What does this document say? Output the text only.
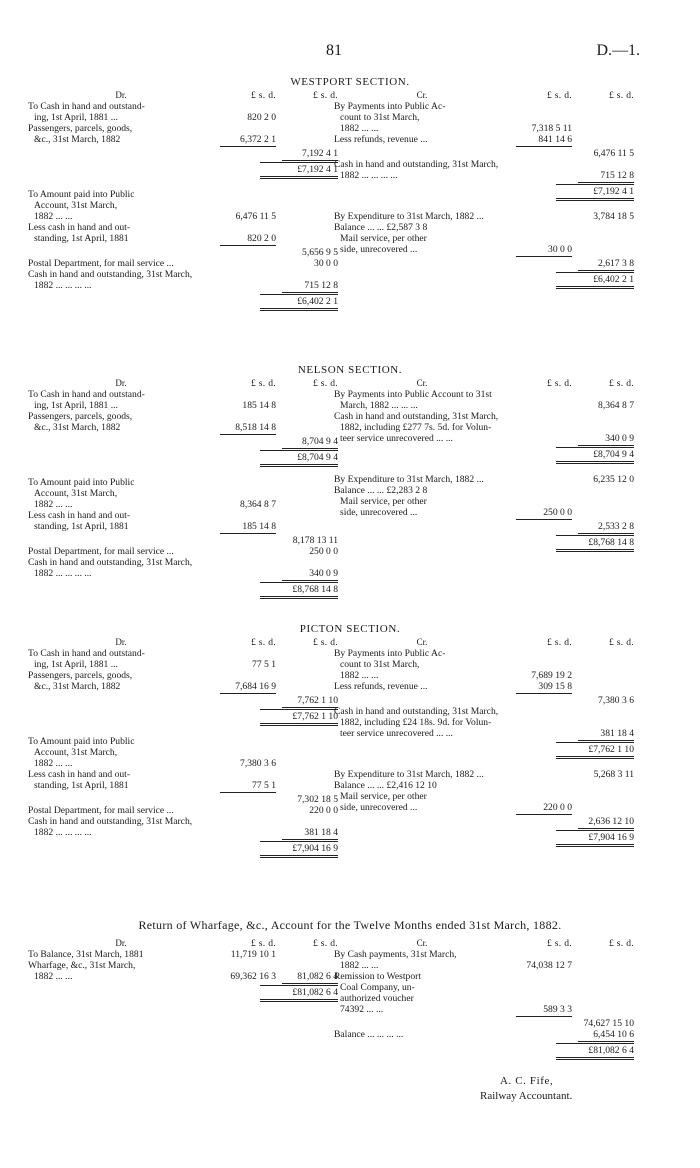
81	D.—1.
WESTPORT SECTION.
Dr.	£ s. d.	£ s. d.
To Cash in hand and outstand-
ing, 1st April, 1881 ...	820 2 0
Passengers, parcels, goods,
&c., 31st March, 1882	6,372 2 1
7,192 4 1
£7,192 4 1
To Amount paid into Public
Account, 31st March,
1882 ... ...	6,476 11 5
Less cash in hand and out-
standing, 1st April, 1881	820 2 0
5,656 9 5
Postal Department, for mail service ...	30 0 0
Cash in hand and outstanding, 31st March,
1882 ... ... ... ...	715 12 8
£6,402 2 1
Cr.	£ s. d.	£ s. d.
By Payments into Public Ac-
count to 31st March,
1882 ... ...	7,318 5 11
Less refunds, revenue ...	841 14 6
6,476 11 5
Cash in hand and outstanding, 31st March,
1882 ... ... ... ...	715 12 8
£7,192 4 1
By Expenditure to 31st March, 1882 ...	3,784 18 5
Balance ... ... £2,587 3 8
Mail service, per other
side, unrecovered ...	30 0 0
2,617 3 8
£6,402 2 1
NELSON SECTION.
Dr.	£ s. d.	£ s. d.
To Cash in hand and outstand-
ing, 1st April, 1881 ...	185 14 8
Passengers, parcels, goods,
&c., 31st March, 1882	8,518 14 8
8,704 9 4
£8,704 9 4
To Amount paid into Public
Account, 31st March,
1882 ... ...	8,364 8 7
Less cash in hand and out-
standing, 1st April, 1881	185 14 8
8,178 13 11
Postal Department, for mail service ...	250 0 0
Cash in hand and outstanding, 31st March,
1882 ... ... ... ...	340 0 9
£8,768 14 8
Cr.	£ s. d.	£ s. d.
By Payments into Public Account to 31st
March, 1882 ... ... ...	8,364 8 7
Cash in hand and outstanding, 31st March,
1882, including £277 7s. 5d. for Volun-
teer service unrecovered ... ...	340 0 9
£8,704 9 4
By Expenditure to 31st March, 1882 ...	6,235 12 0
Balance ... ... £2,283 2 8
Mail service, per other
side, unrecovered ...	250 0 0
2,533 2 8
£8,768 14 8
PICTON SECTION.
Dr.	£ s. d.	£ s. d.
To Cash in hand and outstand-
ing, 1st April, 1881 ...	77 5 1
Passengers, parcels, goods,
&c., 31st March, 1882	7,684 16 9
7,762 1 10
£7,762 1 10
To Amount paid into Public
Account, 31st March,
1882 ... ...	7,380 3 6
Less cash in hand and out-
standing, 1st April, 1881	77 5 1
7,302 18 5
Postal Department, for mail service ...	220 0 0
Cash in hand and outstanding, 31st March,
1882 ... ... ... ...	381 18 4
£7,904 16 9
Cr.	£ s. d.	£ s. d.
By Payments into Public Ac-
count to 31st March,
1882 ... ...	7,689 19 2
Less refunds, revenue ...	309 15 8
7,380 3 6
Cash in hand and outstanding, 31st March,
1882, including £24 18s. 9d. for Volun-
teer service unrecovered ... ...	381 18 4
£7,762 1 10
By Expenditure to 31st March, 1882 ...	5,268 3 11
Balance ... ... £2,416 12 10
Mail service, per other
side, unrecovered ...	220 0 0
2,636 12 10
£7,904 16 9
Return of Wharfage, &c., Account for the Twelve Months ended 31st March, 1882.
Dr.	£ s. d.	£ s. d.
To Balance, 31st March, 1881	11,719 10 1
Wharfage, &c., 31st March,
1882 ... ...	69,362 16 3	81,082 6 4
£81,082 6 4
Cr.	£ s. d.	£ s. d.
By Cash payments, 31st March,
1882 ... ...	74,038 12 7
Remission to Westport
Coal Company, un-
authorized voucher
74392 ... ...	589 3 3
74,627 15 10
Balance ... ... ... ...	6,454 10 6
£81,082 6 4
A. C. Fife,
Railway Accountant.
